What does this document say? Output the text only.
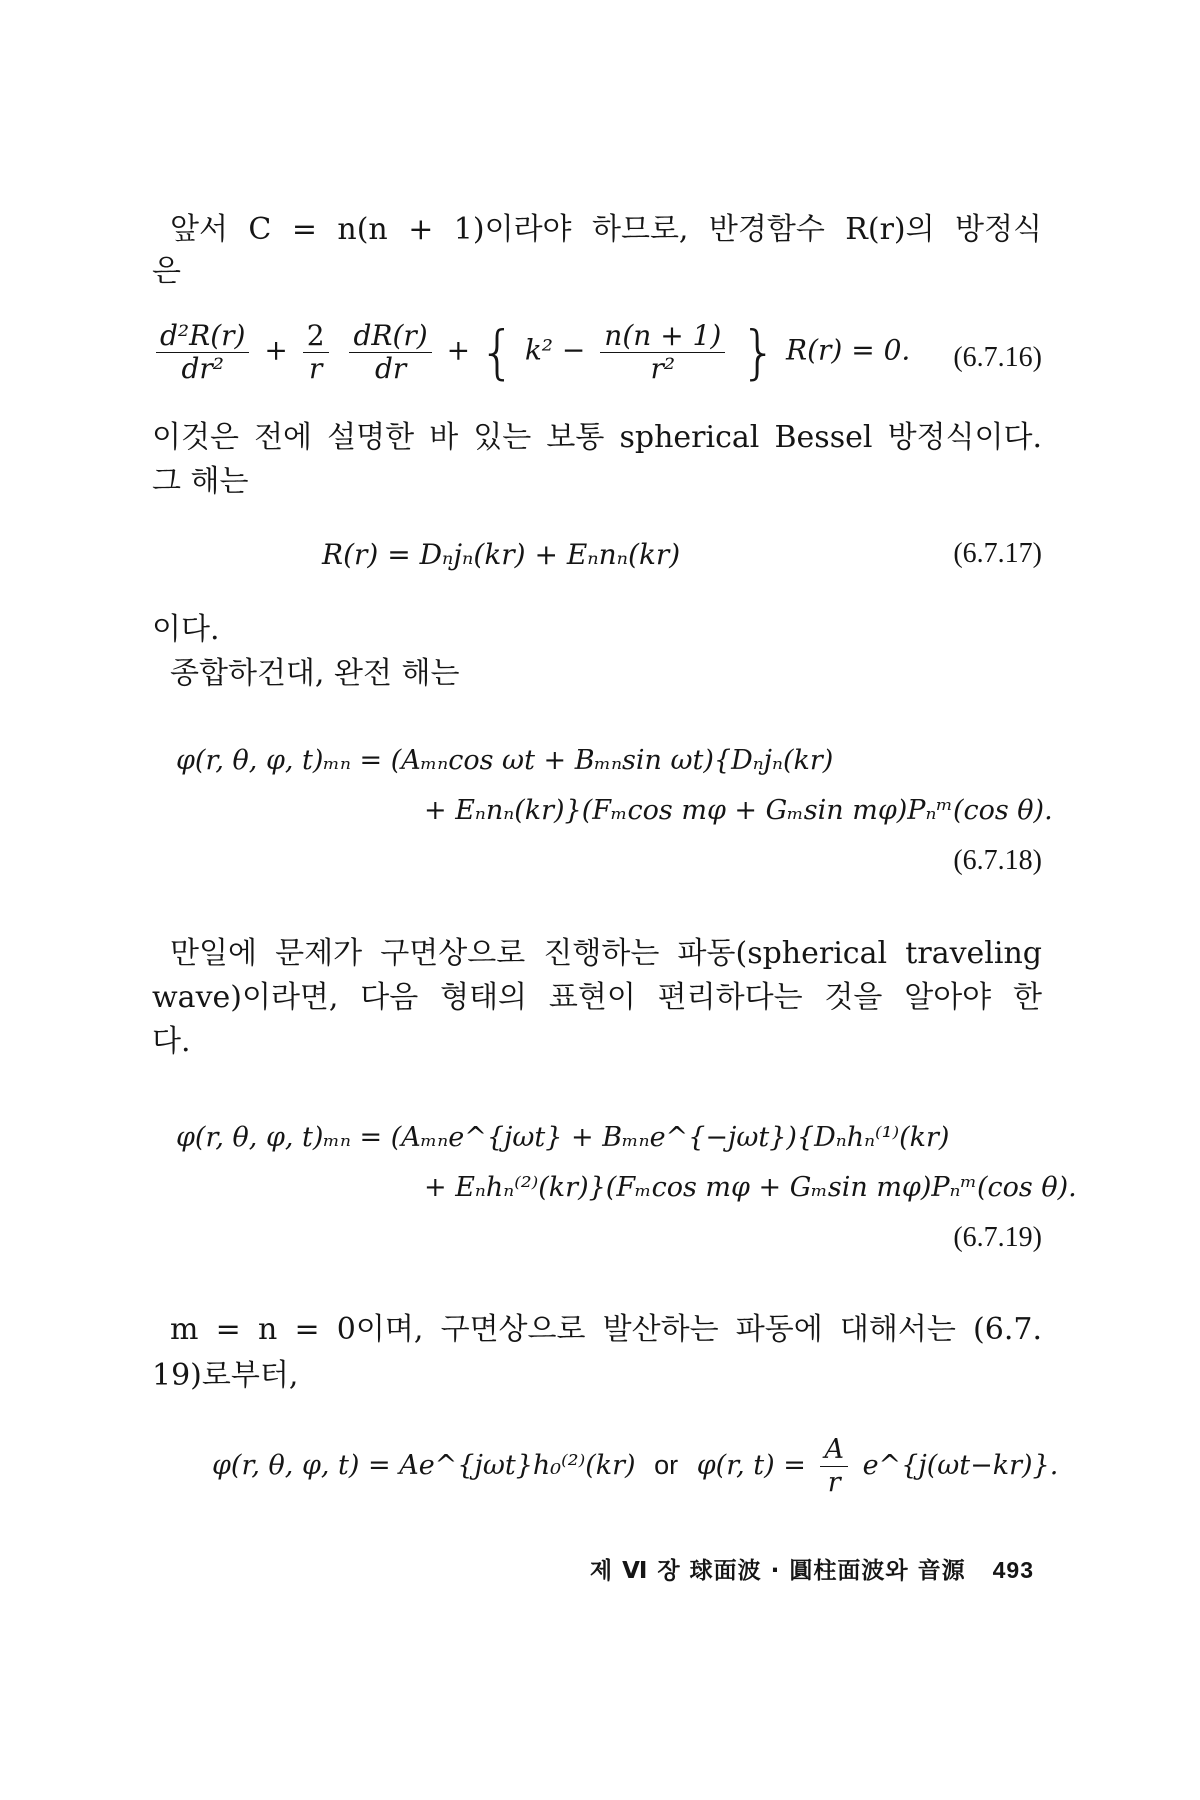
앞서 C = n(n + 1)이라야 하므로, 반경함수 R(r)의 방정식
은
$\frac{\text{d²R(r)}}{\text{dr²}} + \frac{2}{r}$
$\frac{dR(r)}{dr}$ + { $k^2 - \frac{n(n + 1)}{\text{r²}}$ } R(r) = 0. (6.7.16)
이것은 전에 설명한 바 있는 보통 spherical Bessel 방정식이다.
그 해는
R(r) = Dₙjₙ(kr) + Eₙnₙ(kr)	(6.7.17)
이다.
종합하건대, 완전 해는
φ(r, θ, φ, t)ₘₙ = (Aₘₙcos ωt + Bₘₙsin ωt){Dₙjₙ(kr)
+ Eₙnₙ(kr)}(Fₘcos mφ + Gₘsin mφ)Pₙᵐ(cos θ).
(6.7.18)
만일에 문제가 구면상으로 진행하는 파동(spherical traveling
wave)이라면, 다음 형태의 표현이 편리하다는 것을 알아야 한
다.
φ(r, θ, φ, t)ₘₙ = (Aₘₙe^{jωt} + Bₘₙe^{−jωt}){Dₙhₙ⁽¹⁾(kr)
+ Eₙhₙ⁽²⁾(kr)}(Fₘcos mφ + Gₘsin mφ)Pₙᵐ(cos θ).
(6.7.19)
m = n = 0이며, 구면상으로 발산하는 파동에 대해서는 (6.7.
19)로부터,
φ(r, θ, φ, t) = Ae^{jωt}h₀⁽²⁾(kr) or φ(r, $t) = \frac{A}{r}$ e^{j(ωt−kr)}.
제 Ⅵ 장 球面波 · 圓柱面波와 音源 493
